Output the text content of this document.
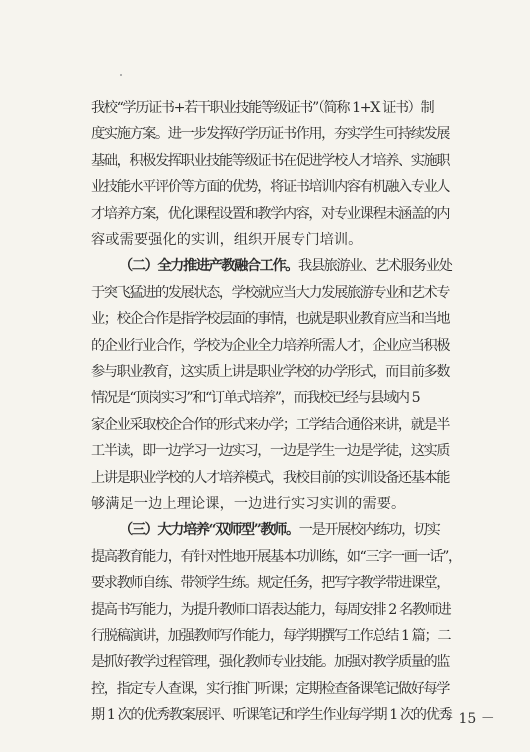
我校“学历证书+若干职业技能等级证书”（简称 1+X 证书）制
度实施方案。进一步发挥好学历证书作用，夯实学生可持续发展
基础，积极发挥职业技能等级证书在促进学校人才培养、实施职
业技能水平评价等方面的优势，将证书培训内容有机融入专业人
才培养方案，优化课程设置和教学内容，对专业课程未涵盖的内
容或需要强化的实训，组织开展专门培训。
（二）全力推进产教融合工作。我县旅游业、艺术服务业处
于突飞猛进的发展状态，学校就应当大力发展旅游专业和艺术专
业；校企合作是指学校层面的事情，也就是职业教育应当和当地
的企业行业合作，学校为企业全力培养所需人才，企业应当积极
参与职业教育，这实质上讲是职业学校的办学形式，而目前多数
情况是“顶岗实习”和“订单式培养”，而我校已经与县域内 5
家企业采取校企合作的形式来办学；工学结合通俗来讲，就是半
工半读，即一边学习一边实习，一边是学生一边是学徒，这实质
上讲是职业学校的人才培养模式，我校目前的实训设备还基本能
够满足一边上理论课，一边进行实习实训的需要。
（三）大力培养“双师型”教师。一是开展校内练功，切实
提高教育能力，有针对性地开展基本功训练，如“三字一画一话”，
要求教师自练、带领学生练。规定任务，把写字教学带进课堂，
提高书写能力，为提升教师口语表达能力，每周安排 2 名教师进
行脱稿演讲，加强教师写作能力，每学期撰写工作总结 1 篇；二
是抓好教学过程管理，强化教师专业技能。加强对教学质量的监
控，指定专人查课，实行推门听课；定期检查备课笔记做好每学
期 1 次的优秀教案展评、听课笔记和学生作业每学期 1 次的优秀
－ 15 －
